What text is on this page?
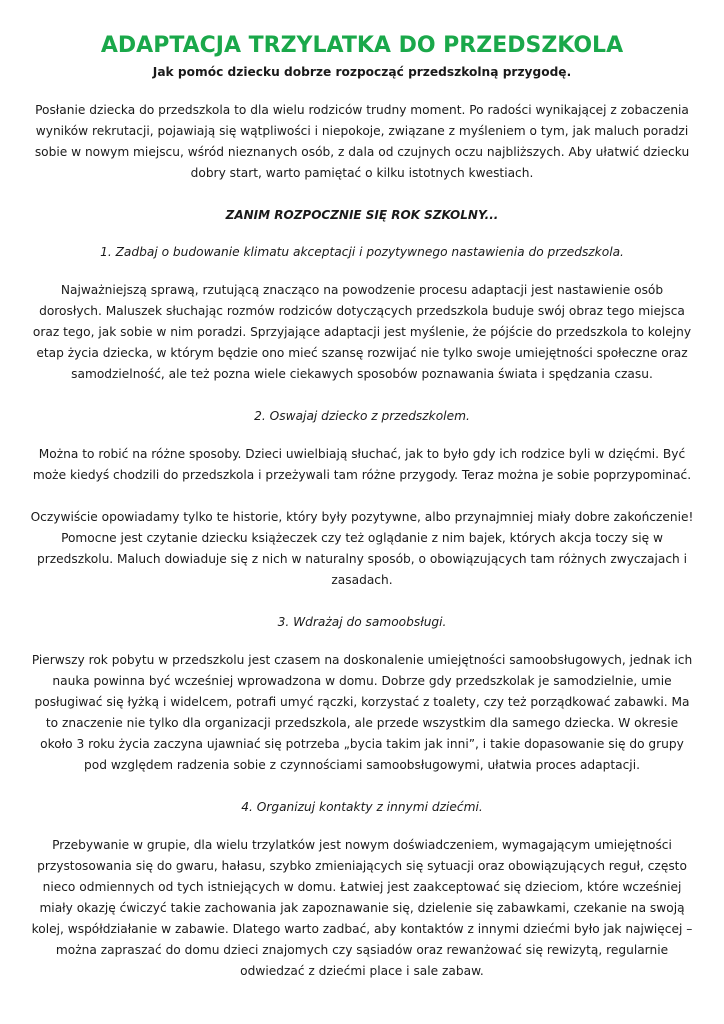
ADAPTACJA TRZYLATKA DO PRZEDSZKOLA

Jak pomóc dziecku dobrze rozpocząć przedszkolną przygodę.

Posłanie dziecka do przedszkola to dla wielu rodziców trudny moment. Po radości wynikającej z zobaczenia wyników rekrutacji, pojawiają się wątpliwości i niepokoje, związane z myśleniem o tym, jak maluch poradzi sobie w nowym miejscu, wśród nieznanych osób, z dala od czujnych oczu najbliższych. Aby ułatwić dziecku dobry start, warto pamiętać o kilku istotnych kwestiach.

ZANIM ROZPOCZNIE SIĘ ROK SZKOLNY...

1. Zadbaj o budowanie klimatu akceptacji i pozytywnego nastawienia do przedszkola.

Najważniejszą sprawą, rzutującą znacząco na powodzenie procesu adaptacji jest nastawienie osób dorosłych. Maluszek słuchając rozmów rodziców dotyczących przedszkola buduje swój obraz tego miejsca oraz tego, jak sobie w nim poradzi. Sprzyjające adaptacji jest myślenie, że pójście do przedszkola to kolejny etap życia dziecka, w którym będzie ono mieć szansę rozwijać nie tylko swoje umiejętności społeczne oraz samodzielność, ale też pozna wiele ciekawych sposobów poznawania świata i spędzania czasu.

2. Oswajaj dziecko z przedszkolem.

Można to robić na różne sposoby. Dzieci uwielbiają słuchać, jak to było gdy ich rodzice byli w dzięćmi. Być może kiedyś chodzili do przedszkola i przeżywali tam różne przygody. Teraz można je sobie poprzypominać.

Oczywiście opowiadamy tylko te historie, który były pozytywne, albo przynajmniej miały dobre zakończenie! Pomocne jest czytanie dziecku książeczek czy też oglądanie z nim bajek, których akcja toczy się w przedszkolu. Maluch dowiaduje się z nich w naturalny sposób, o obowiązujących tam różnych zwyczajach i zasadach.

3. Wdrażaj do samoobsługi.

Pierwszy rok pobytu w przedszkolu jest czasem na doskonalenie umiejętności samoobsługowych, jednak ich nauka powinna być wcześniej wprowadzona w domu. Dobrze gdy przedszkolak je samodzielnie, umie posługiwać się łyżką i widelcem, potrafi umyć rączki, korzystać z toalety, czy też porządkować zabawki. Ma to znaczenie nie tylko dla organizacji przedszkola, ale przede wszystkim dla samego dziecka. W okresie około 3 roku życia zaczyna ujawniać się potrzeba „bycia takim jak inni”, i takie dopasowanie się do grupy pod względem radzenia sobie z czynnościami samoobsługowymi, ułatwia proces adaptacji.

4. Organizuj kontakty z innymi dziećmi.

Przebywanie w grupie, dla wielu trzylatków jest nowym doświadczeniem, wymagającym umiejętności przystosowania się do gwaru, hałasu, szybko zmieniających się sytuacji oraz obowiązujących reguł, często nieco odmiennych od tych istniejących w domu. Łatwiej jest zaakceptować się dzieciom, które wcześniej miały okazję ćwiczyć takie zachowania jak zapoznawanie się, dzielenie się zabawkami, czekanie na swoją kolej, współdziałanie w zabawie. Dlatego warto zadbać, aby kontaktów z innymi dziećmi było jak najwięcej – można zapraszać do domu dzieci znajomych czy sąsiadów oraz rewanżować się rewizytą, regularnie odwiedzać z dziećmi place i sale zabaw.
